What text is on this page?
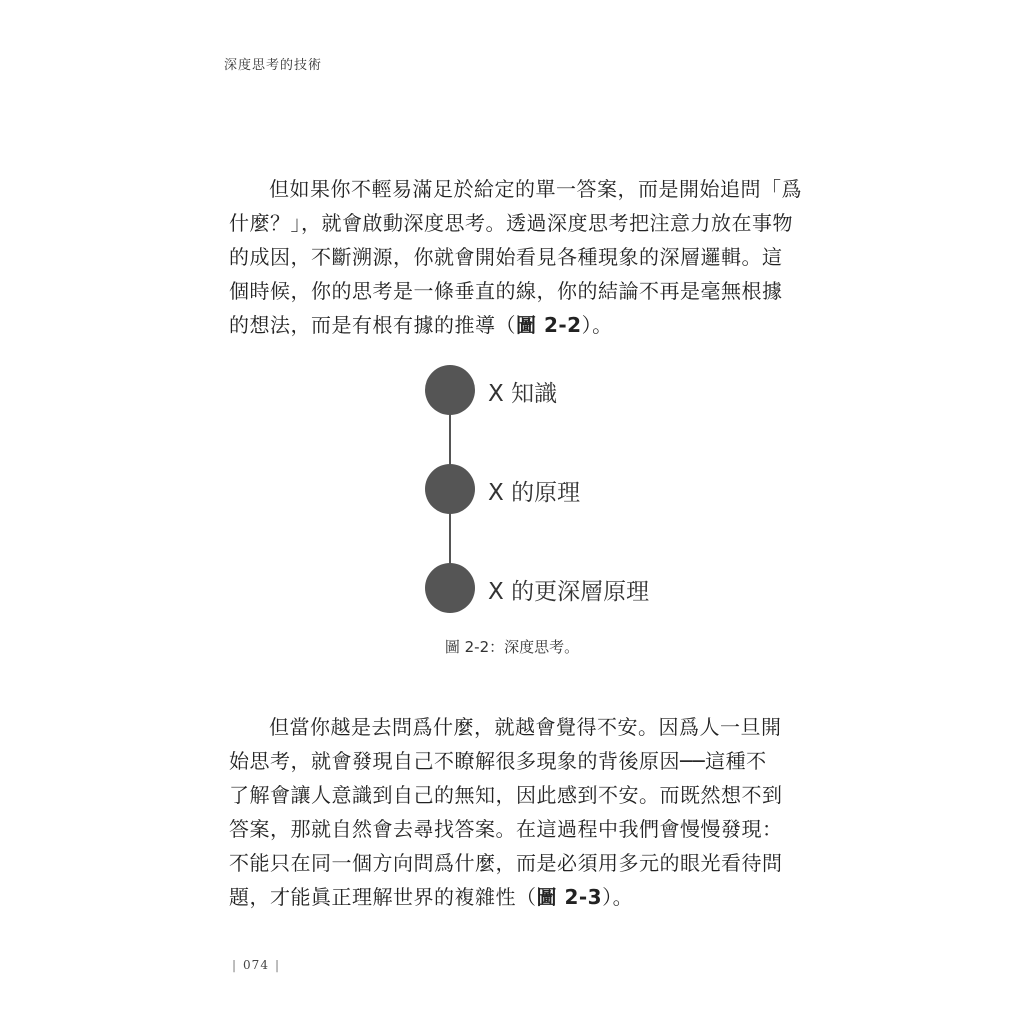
深度思考的技術
但如果你不輕易滿足於給定的單一答案，而是開始追問「爲
什麼？」，就會啟動深度思考。透過深度思考把注意力放在事物
的成因，不斷溯源，你就會開始看見各種現象的深層邏輯。這
個時候，你的思考是一條垂直的線，你的結論不再是毫無根據
的想法，而是有根有據的推導（圖 2-2）。
X 知識
X 的原理
X 的更深層原理
圖 2-2：深度思考。
但當你越是去問爲什麼，就越會覺得不安。因爲人一旦開
始思考，就會發現自己不瞭解很多現象的背後原因──這種不
了解會讓人意識到自己的無知，因此感到不安。而既然想不到
答案，那就自然會去尋找答案。在這過程中我們會慢慢發現：
不能只在同一個方向問爲什麼，而是必須用多元的眼光看待問
題，才能眞正理解世界的複雜性（圖 2-3）。
| 074 |
